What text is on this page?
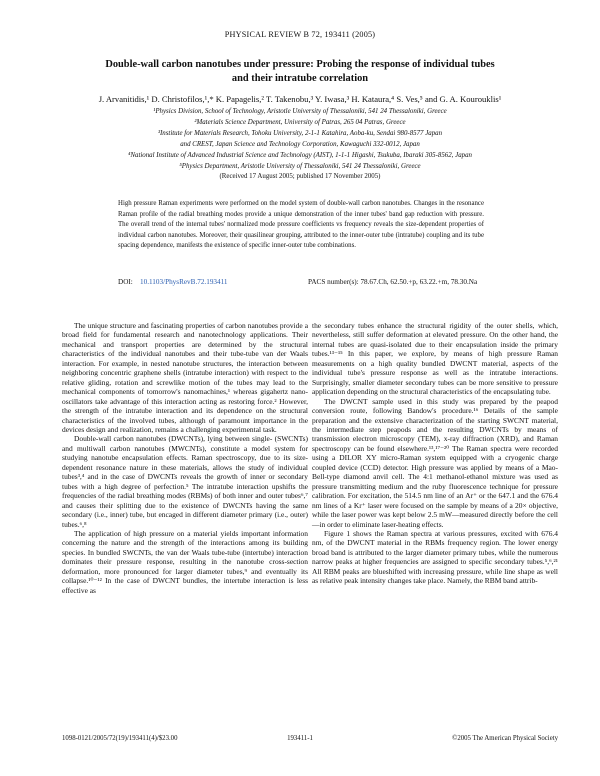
PHYSICAL REVIEW B 72, 193411 (2005)
Double-wall carbon nanotubes under pressure: Probing the response of individual tubes
and their intratube correlation
J. Arvanitidis,¹ D. Christofilos,¹,* K. Papagelis,² T. Takenobu,³ Y. Iwasa,³ H. Kataura,⁴ S. Ves,⁵ and G. A. Kourouklis¹
¹Physics Division, School of Technology, Aristotle University of Thessaloniki, 541 24 Thessaloniki, Greece
²Materials Science Department, University of Patras, 265 04 Patras, Greece
³Institute for Materials Research, Tohoku University, 2-1-1 Katahira, Aoba-ku, Sendai 980-8577 Japan
and CREST, Japan Science and Technology Corporation, Kawaguchi 332-0012, Japan
⁴National Institute of Advanced Industrial Science and Technology (AIST), 1-1-1 Higashi, Tsukuba, Ibaraki 305-8562, Japan
⁵Physics Department, Aristotle University of Thessaloniki, 541 24 Thessaloniki, Greece
(Received 17 August 2005; published 17 November 2005)
High pressure Raman experiments were performed on the model system of double-wall carbon nanotubes. Changes in the resonance Raman profile of the radial breathing modes provide a unique demonstration of the inner tubes' band gap reduction with pressure. The overall trend of the internal tubes' normalized mode pressure coefficients vs frequency reveals the size-dependent properties of individual carbon nanotubes. Moreover, their quasilinear grouping, attributed to the inner-outer tube (intratube) coupling and its tube spacing dependence, manifests the existence of specific inner-outer tube combinations.
DOI: 10.1103/PhysRevB.72.193411	PACS number(s): 78.67.Ch, 62.50.+p, 63.22.+m, 78.30.Na

The unique structure and fascinating properties of carbon nanotubes provide a broad field for fundamental research and nanotechnology applications. Their mechanical and transport properties are determined by the structural characteristics of the individual nanotubes and their tube-tube van der Waals interaction. For example, in nested nanotube structures, the interaction between neighboring concentric graphene shells (intratube interaction) with respect to the relative gliding, rotation and screwlike motion of the tubes may lead to the mechanical components of tomorrow's nanomachines,¹ whereas gigahertz nano-oscillators take advantage of this interaction acting as restoring force.² However, the strength of the intratube interaction and its dependence on the structural characteristics of the involved tubes, although of paramount importance in the devices design and realization, remains a challenging experimental task.

Double-wall carbon nanotubes (DWCNTs), lying between single- (SWCNTs) and multiwall carbon nanotubes (MWCNTs), constitute a model system for studying nanotube encapsulation effects. Raman spectroscopy, due to its size-dependent resonance nature in these materials, allows the study of individual tubes³,⁴ and in the case of DWCNTs reveals the growth of inner or secondary tubes with a high degree of perfection.⁵ The intratube interaction upshifts the frequencies of the radial breathing modes (RBMs) of both inner and outer tubes⁶,⁷ and causes their splitting due to the existence of DWCNTs having the same secondary (i.e., inner) tube, but encaged in different diameter primary (i.e., outer) tubes.⁶,⁸

The application of high pressure on a material yields important information concerning the nature and the strength of the interactions among its building species. In bundled SWCNTs, the van der Waals tube-tube (intertube) interaction dominates their pressure response, resulting in the nanotube cross-section deformation, more pronounced for larger diameter tubes,⁹ and eventually its collapse.¹⁰⁻¹² In the case of DWCNT bundles, the intertube interaction is less effective as

the secondary tubes enhance the structural rigidity of the outer shells, which, nevertheless, still suffer deformation at elevated pressure. On the other hand, the internal tubes are quasi-isolated due to their encapsulation inside the primary tubes.¹³⁻¹⁵ In this paper, we explore, by means of high pressure Raman measurements on a high quality bundled DWCNT material, aspects of the individual tube's pressure response as well as the intratube interactions. Surprisingly, smaller diameter secondary tubes can be more sensitive to pressure application depending on the structural characteristics of the encapsulating tube.

The DWCNT sample used in this study was prepared by the peapod conversion route, following Bandow's procedure.¹⁶ Details of the sample preparation and the extensive characterization of the starting SWCNT material, the intermediate step peapods and the resulting DWCNTs by means of transmission electron microscopy (TEM), x-ray diffraction (XRD), and Raman spectroscopy can be found elsewhere.¹³,¹⁷⁻²⁰ The Raman spectra were recorded using a DILOR XY micro-Raman system equipped with a cryogenic charge coupled device (CCD) detector. High pressure was applied by means of a Mao-Bell-type diamond anvil cell. The 4:1 methanol-ethanol mixture was used as pressure transmitting medium and the ruby fluorescence technique for pressure calibration. For excitation, the 514.5 nm line of an Ar⁺ or the 647.1 and the 676.4 nm lines of a Kr⁺ laser were focused on the sample by means of a 20× objective, while the laser power was kept below 2.5 mW—measured directly before the cell—in order to eliminate laser-heating effects.

Figure 1 shows the Raman spectra at various pressures, excited with 676.4 nm, of the DWCNT material in the RBMs frequency region. The lower energy broad band is attributed to the larger diameter primary tubes, while the numerous narrow peaks at higher frequencies are assigned to specific secondary tubes.⁵,⁶,²¹ All RBM peaks are blueshifted with increasing pressure, while line shape as well as relative peak intensity changes take place. Namely, the RBM band attrib-

1098-0121/2005/72(19)/193411(4)/$23.00	193411-1	©2005 The American Physical Society
